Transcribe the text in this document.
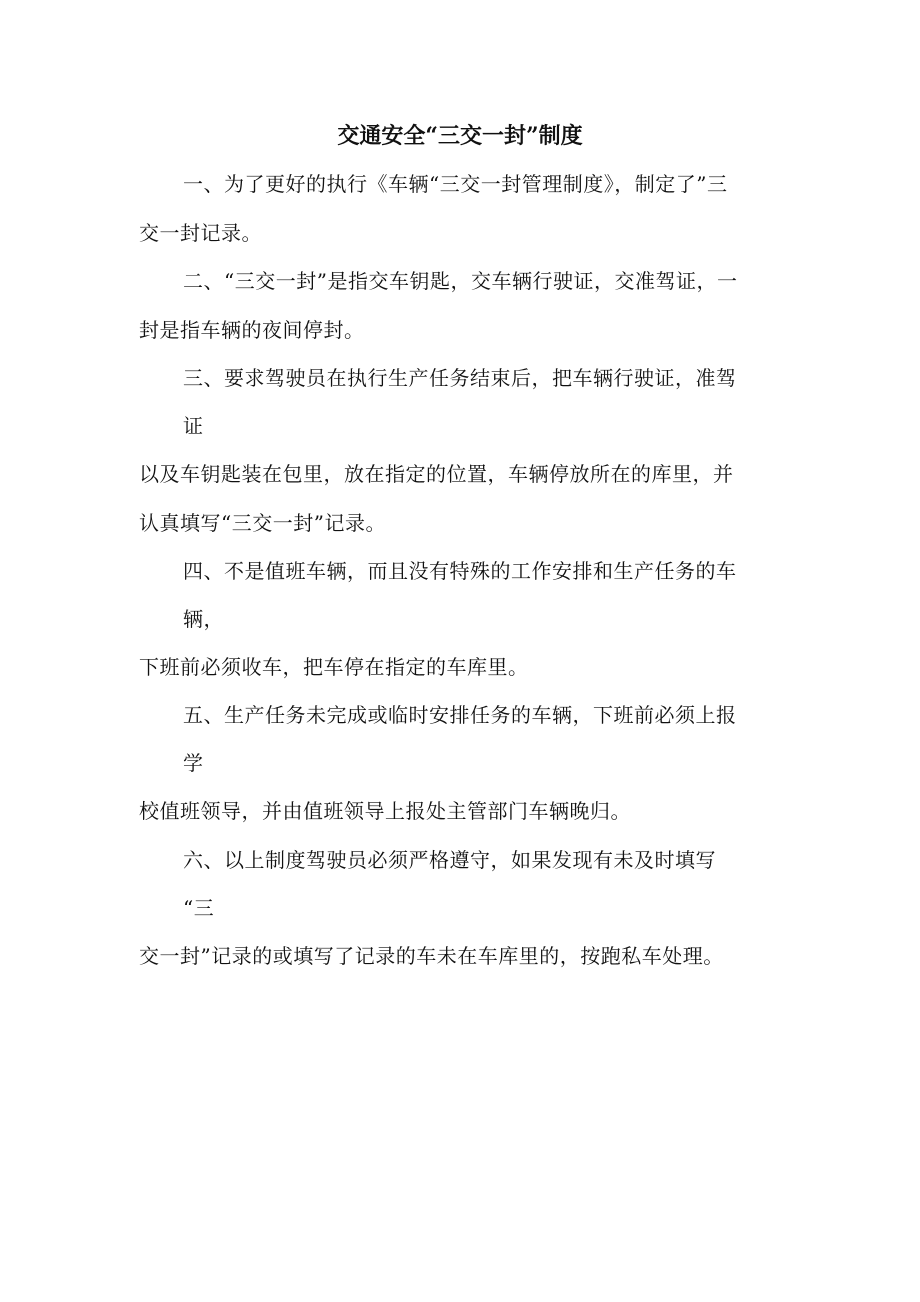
交通安全“三交一封”制度
一、为了更好的执行《车辆“三交一封管理制度》，制定了”三
交一封记录。
二、“三交一封”是指交车钥匙，交车辆行驶证，交准驾证，一
封是指车辆的夜间停封。
三、要求驾驶员在执行生产任务结束后，把车辆行驶证，准驾
证
以及车钥匙装在包里，放在指定的位置，车辆停放所在的库里，并
认真填写“三交一封”记录。
四、不是值班车辆，而且没有特殊的工作安排和生产任务的车
辆，
下班前必须收车，把车停在指定的车库里。
五、生产任务未完成或临时安排任务的车辆，下班前必须上报
学
校值班领导，并由值班领导上报处主管部门车辆晚归。
六、以上制度驾驶员必须严格遵守，如果发现有未及时填写
“三
交一封”记录的或填写了记录的车未在车库里的，按跑私车处理。
